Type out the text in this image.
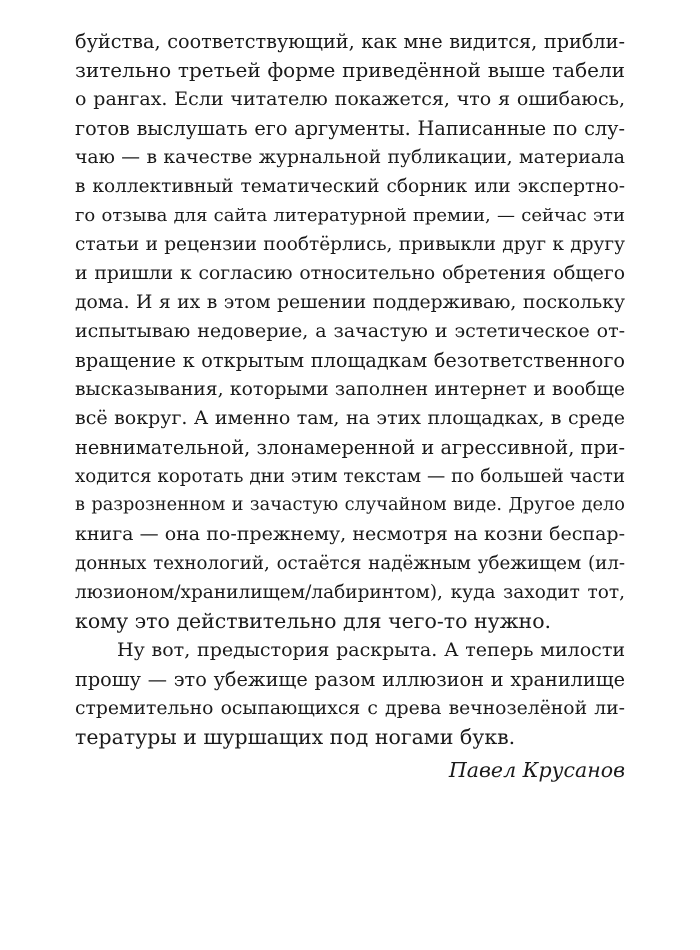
буйства, соответствующий, как мне видится, прибли-
зительно третьей форме приведённой выше табели
о рангах. Если читателю покажется, что я ошибаюсь,
готов выслушать его аргументы. Написанные по слу-
чаю — в качестве журнальной публикации, материала
в коллективный тематический сборник или экспертно-
го отзыва для сайта литературной премии, — сейчас эти
статьи и рецензии пообтёрлись, привыкли друг к другу
и пришли к согласию относительно обретения общего
дома. И я их в этом решении поддерживаю, поскольку
испытываю недоверие, а зачастую и эстетическое от-
вращение к открытым площадкам безответственного
высказывания, которыми заполнен интернет и вообще
всё вокруг. А именно там, на этих площадках, в среде
невнимательной, злонамеренной и агрессивной, при-
ходится коротать дни этим текстам — по большей части
в разрозненном и зачастую случайном виде. Другое дело
книга — она по-прежнему, несмотря на козни беспар-
донных технологий, остаётся надёжным убежищем (ил-
люзионом/хранилищем/лабиринтом), куда заходит тот,
кому это действительно для чего-то нужно.
Ну вот, предыстория раскрыта. А теперь милости
прошу — это убежище разом иллюзион и хранилище
стремительно осыпающихся с древа вечнозелёной ли-
тературы и шуршащих под ногами букв.
Павел Крусанов
